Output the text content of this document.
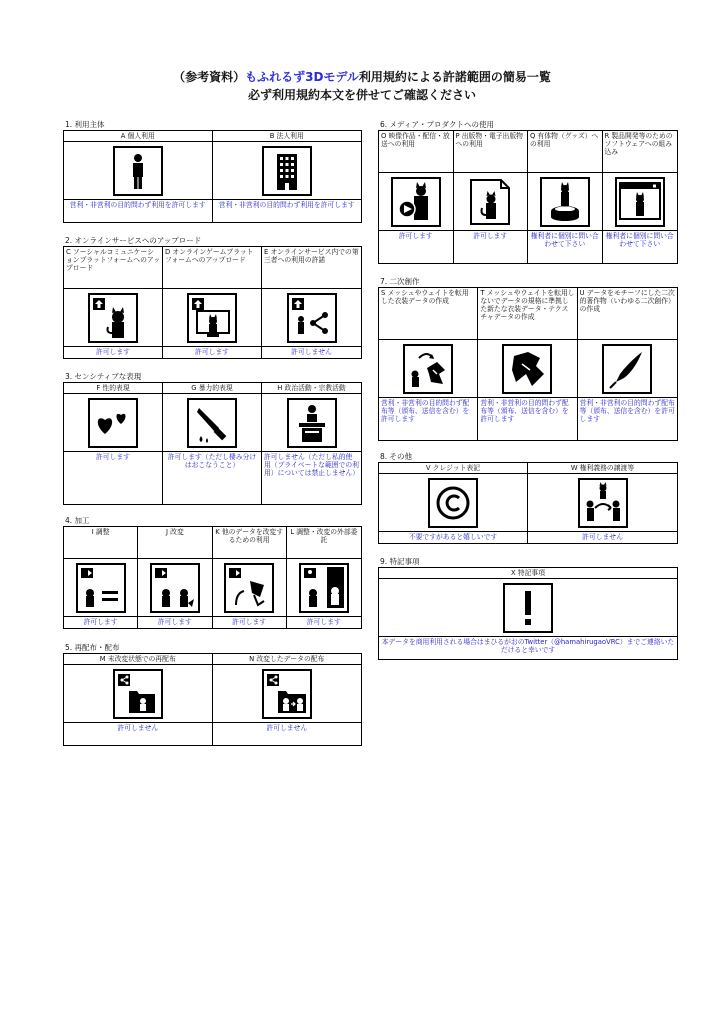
（参考資料）もふれるず3Dモデル利用規約による許諾範囲の簡易一覧
必ず利用規約本文を併せてご確認ください
1. 利用主体
A 個人利用
営利・非営利の目的問わず利用を許可します
B 法人利用
営利・非営利の目的問わず利用を許可します
2. オンラインサービスへのアップロード
C ソーシャルコミュニケーションプラットフォームへのアップロード
許可します
D オンラインゲームプラットフォームへのアップロード
許可します
E オンラインサービス内での第三者への利用の許諾
許可しません
3. センシティブな表現
F 性的表現
許可します
G 暴力的表現
許可します（ただし棲み分けはおこなうこと）
H 政治活動・宗教活動
許可しません（ただし私的使用（プライベートな範囲での利用）については禁止しません）
4. 加工
I 調整
許可します
J 改変
許可します
K 他のデータを改変するための利用
許可します
L 調整・改変の外部委託
許可します
5. 再配布・配布
M 未改変状態での再配布
許可しません
N 改変したデータの配布
許可しません
6. メディア・プロダクトへの使用
O 映像作品・配信・放送への利用
許可します
P 出版物・電子出版物への利用
許可します
Q 有体物（グッズ）への利用
権利者に個別に問い合わせて下さい
R 製品開発等のためのソフトウェアへの組み込み
権利者に個別に問い合わせて下さい
7. 二次創作
S メッシュやウェイトを転用した衣装データの作成
営利・非営利の目的問わず配布等（頒布、送信を含む）を許可します
T メッシュやウェイトを転用しないでデータの規格に準拠した新たな衣装データ・テクスチャデータの作成
営利・非営利の目的問わず配布等（頒布、送信を含む）を許可します
U データをモチーフにした二次的著作物（いわゆる二次創作）の作成
営利・非営利の目的問わず配布等（頒布、送信を含む）を許可します
8. その他
V クレジット表記
不要ですがあると嬉しいです
W 権利義務の譲渡等
許可しません
9. 特記事項
X 特記事項
本データを商用利用される場合はまひるがおのTwitter（@hamahirugaoVRC）までご連絡いただけると幸いです
